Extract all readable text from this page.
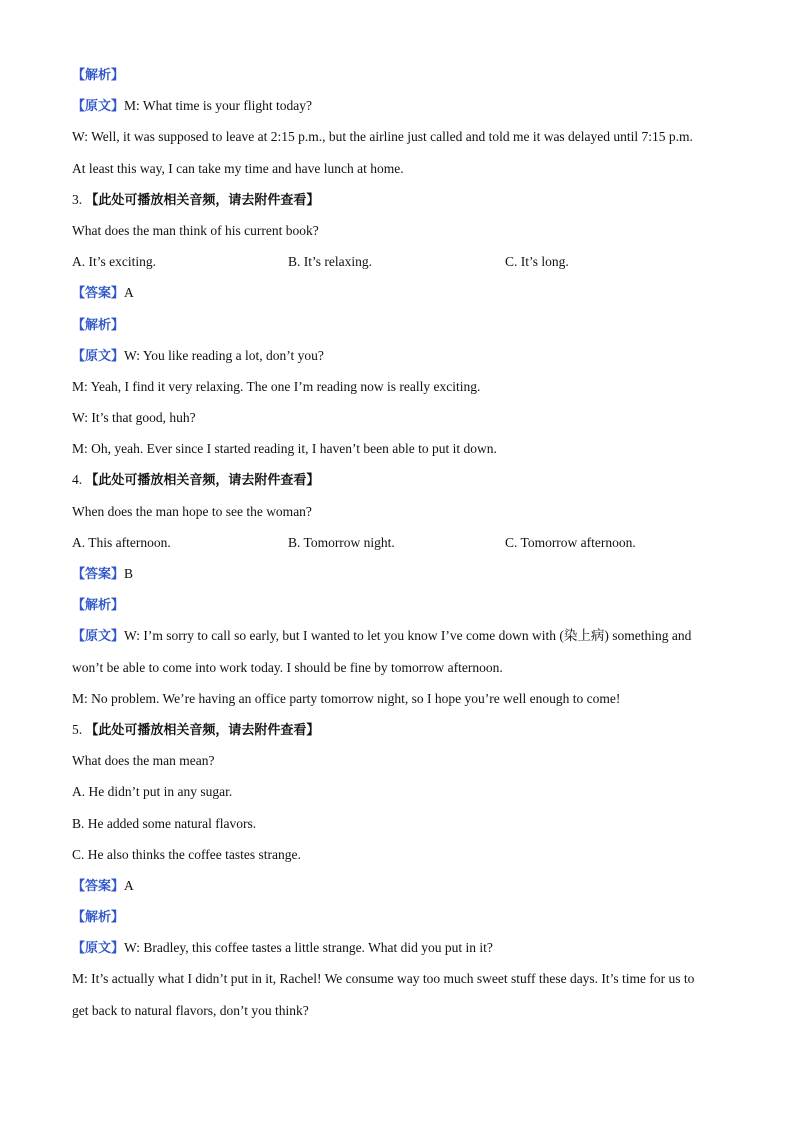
【解析】
【原文】M: What time is your flight today?
W: Well, it was supposed to leave at 2:15 p.m., but the airline just called and told me it was delayed until 7:15 p.m.
At least this way, I can take my time and have lunch at home.
3. 【此处可播放相关音频，请去附件查看】
What does the man think of his current book?
A. It’s exciting.	B. It’s relaxing.	C. It’s long.
【答案】A
【解析】
【原文】W: You like reading a lot, don’t you?
M: Yeah, I find it very relaxing. The one I’m reading now is really exciting.
W: It’s that good, huh?
M: Oh, yeah. Ever since I started reading it, I haven’t been able to put it down.
4. 【此处可播放相关音频，请去附件查看】
When does the man hope to see the woman?
A. This afternoon.	B. Tomorrow night.	C. Tomorrow afternoon.
【答案】B
【解析】
【原文】W: I’m sorry to call so early, but I wanted to let you know I’ve come down with (染上病) something and
won’t be able to come into work today. I should be fine by tomorrow afternoon.
M: No problem. We’re having an office party tomorrow night, so I hope you’re well enough to come!
5. 【此处可播放相关音频，请去附件查看】
What does the man mean?
A. He didn’t put in any sugar.
B. He added some natural flavors.
C. He also thinks the coffee tastes strange.
【答案】A
【解析】
【原文】W: Bradley, this coffee tastes a little strange. What did you put in it?
M: It’s actually what I didn’t put in it, Rachel! We consume way too much sweet stuff these days. It’s time for us to
get back to natural flavors, don’t you think?
